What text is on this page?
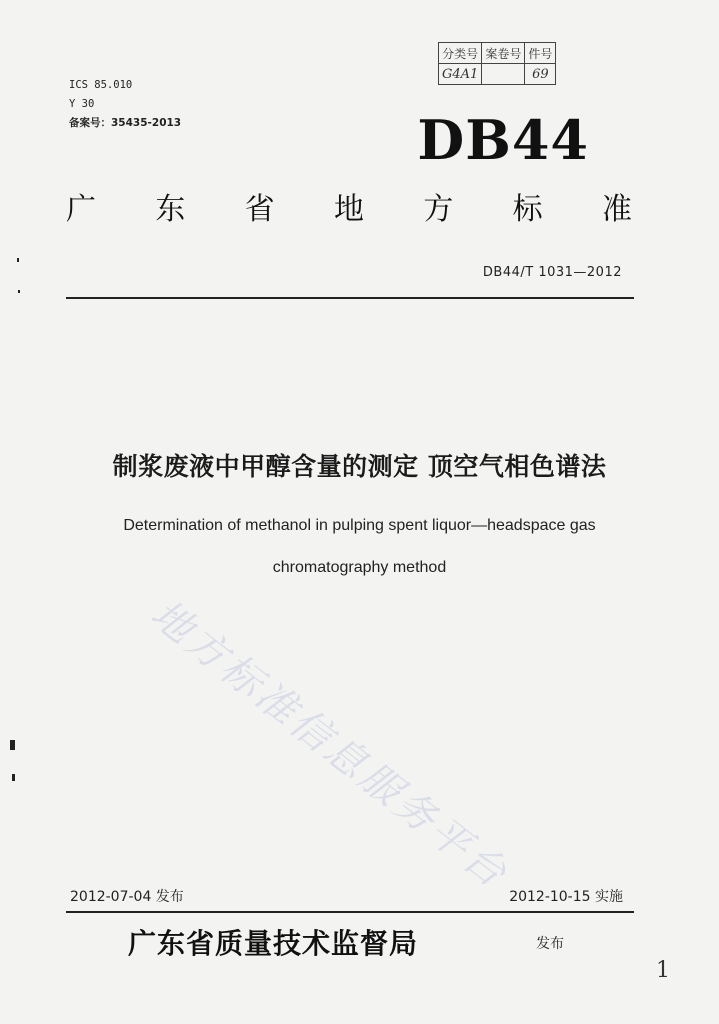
ICS 85.010
Y 30
备案号：35435-2013
分类号	案卷号	件号
G4A1		69
DB44
广 东 省 地 方 标 准
DB44/T 1031—2012
制浆废液中甲醇含量的测定 顶空气相色谱法
Determination of methanol in pulping spent liquor—headspace gas
chromatography method
地方标准信息服务平台
2012-07-04 发布	2012-10-15 实施
广东省质量技术监督局	发布
1
